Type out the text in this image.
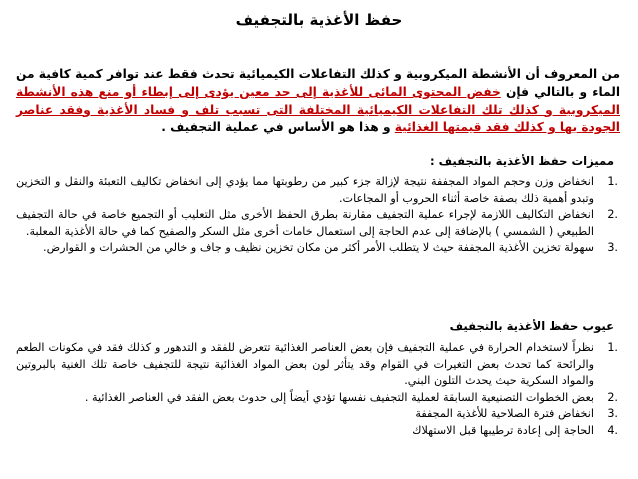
حفظ الأغذية بالتجفيف

من المعروف أن الأنشطة الميكروبية و كذلك التفاعلات الكيميائية تحدث فقط عند توافر كمية كافية من الماء و بالتالي فإن خفض المحتوى المائى للأغذية إلى حد معين يؤدى إلى إبطاء أو منع هذه الأنشطة الميكروبية و كذلك تلك التفاعلات الكيميائية المختلفة التى تسبب تلف و فساد الأغذية وفقد عناصر الجودة بها و كذلك فقد قيمتها الغذائية و هذا هو الأساس في عملية التجفيف .

مميزات حفظ الأغذية بالتجفيف :
1.
انخفاض وزن وحجم المواد المجففة نتيجة لإزالة جزء كبير من رطوبتها مما يؤدي إلى انخفاض تكاليف التعبئة والنقل و التخزين وتبدو أهمية ذلك بصفة خاصة أثناء الحروب أو المجاعات.
2.
انخفاض التكاليف اللازمة لإجراء عملية التجفيف مقارنة بطرق الحفظ الأخرى مثل التعليب أو التجميع خاصة في حالة التجفيف الطبيعي ( الشمسي ) بالإضافة إلى عدم الحاجة إلى استعمال خامات أخرى مثل السكر والصفيح كما في حالة الأغذية المعلبة.
3.
سهولة تخزين الأغذية المجففة حيث لا يتطلب الأمر أكثر من مكان تخزين نظيف و جاف و خالي من الحشرات و القوارض.
عيوب حفظ الأغذية بالتجفيف
1.
نظراً لاستخدام الحرارة في عملية التجفيف فإن بعض العناصر الغذائية تتعرض للفقد و التدهور و كذلك فقد في مكونات الطعم والرائحة كما تحدث بعض التغيرات في القوام وقد يتأثر لون بعض المواد الغذائية نتيجة للتجفيف خاصة تلك الغنية بالبروتين والمواد السكرية حيث يحدث التلون البني.
2.
بعض الخطوات التصنيعية السابقة لعملية التجفيف نفسها تؤدي أيضاً إلى حدوث بعض الفقد في العناصر الغذائية .
3.
انخفاض فترة الصلاحية للأغذية المجففة
4.
الحاجة إلى إعادة ترطيبها قبل الاستهلاك
